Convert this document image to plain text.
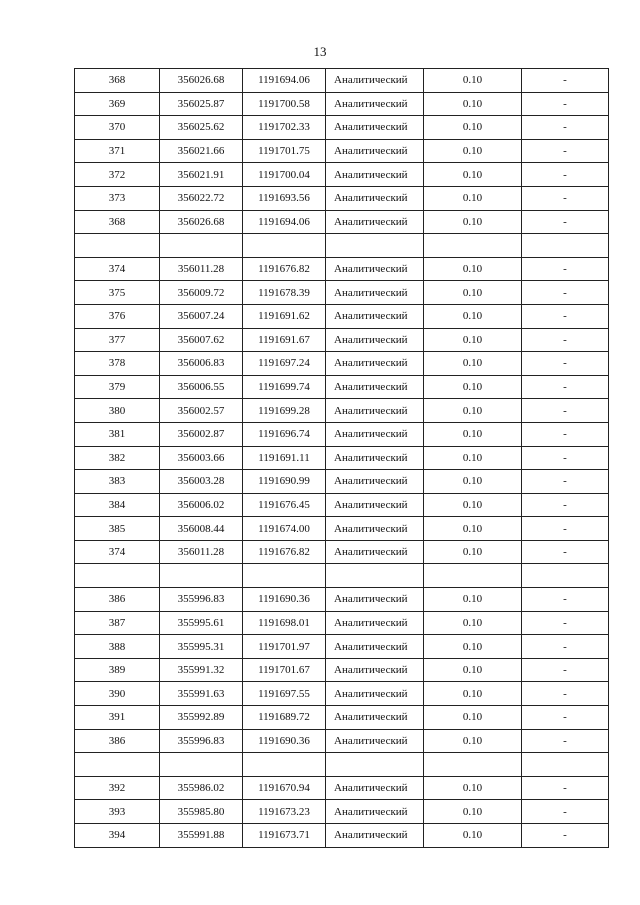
13
368	356026.68	1191694.06	Аналитический	0.10	-
369	356025.87	1191700.58	Аналитический	0.10	-
370	356025.62	1191702.33	Аналитический	0.10	-
371	356021.66	1191701.75	Аналитический	0.10	-
372	356021.91	1191700.04	Аналитический	0.10	-
373	356022.72	1191693.56	Аналитический	0.10	-
368	356026.68	1191694.06	Аналитический	0.10	-

374	356011.28	1191676.82	Аналитический	0.10	-
375	356009.72	1191678.39	Аналитический	0.10	-
376	356007.24	1191691.62	Аналитический	0.10	-
377	356007.62	1191691.67	Аналитический	0.10	-
378	356006.83	1191697.24	Аналитический	0.10	-
379	356006.55	1191699.74	Аналитический	0.10	-
380	356002.57	1191699.28	Аналитический	0.10	-
381	356002.87	1191696.74	Аналитический	0.10	-
382	356003.66	1191691.11	Аналитический	0.10	-
383	356003.28	1191690.99	Аналитический	0.10	-
384	356006.02	1191676.45	Аналитический	0.10	-
385	356008.44	1191674.00	Аналитический	0.10	-
374	356011.28	1191676.82	Аналитический	0.10	-

386	355996.83	1191690.36	Аналитический	0.10	-
387	355995.61	1191698.01	Аналитический	0.10	-
388	355995.31	1191701.97	Аналитический	0.10	-
389	355991.32	1191701.67	Аналитический	0.10	-
390	355991.63	1191697.55	Аналитический	0.10	-
391	355992.89	1191689.72	Аналитический	0.10	-
386	355996.83	1191690.36	Аналитический	0.10	-

392	355986.02	1191670.94	Аналитический	0.10	-
393	355985.80	1191673.23	Аналитический	0.10	-
394	355991.88	1191673.71	Аналитический	0.10	-
